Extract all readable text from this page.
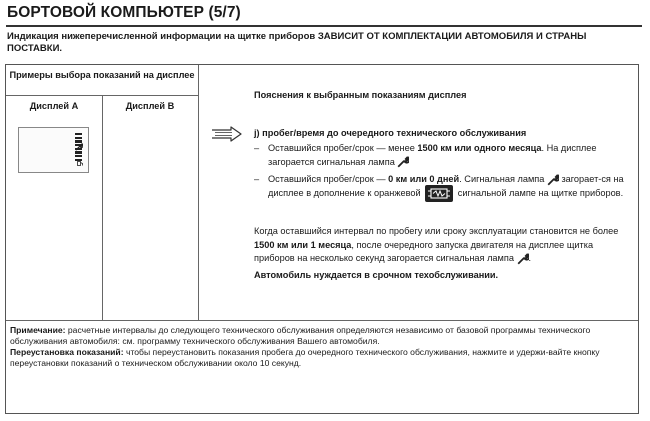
БОРТОВОЙ КОМПЬЮТЕР (5/7)
Индикация нижеперечисленной информации на щитке приборов ЗАВИСИТ ОТ КОМПЛЕКТАЦИИ АВТОМОБИЛЯ И СТРАНЫ ПОСТАВКИ.
Примеры выбора показаний на дисплее
Дисплей A	Дисплей B
Пояснения к выбранным показаниям дисплея
j) пробег/время до очередного технического обслуживания
– Оставшийся пробег/срок — менее 1500 км или одного месяца. На дисплее загорается сигнальная лампа
– Оставшийся пробег/срок — 0 км или 0 дней. Сигнальная лампа  загорает-ся на дисплее в дополнение к оранжевой	сигнальной лампе на щитке приборов.
Когда оставшийся интервал по пробегу или сроку эксплуатации становится не более 1500 км или 1 месяца, после очередного запуска двигателя на дисплее щитка приборов на несколько секунд загорается сигнальная лампа .
Автомобиль нуждается в срочном техобслуживании.
Примечание: расчетные интервалы до следующего технического обслуживания определяются независимо от базовой программы технического обслуживания автомобиля: см. программу технического обслуживания Вашего автомобиля.
Переустановка показаний: чтобы переустановить показания пробега до очередного технического обслуживания, нажмите и удержи-вайте кнопку переустановки показаний о техническом обслуживании около 10 секунд.
